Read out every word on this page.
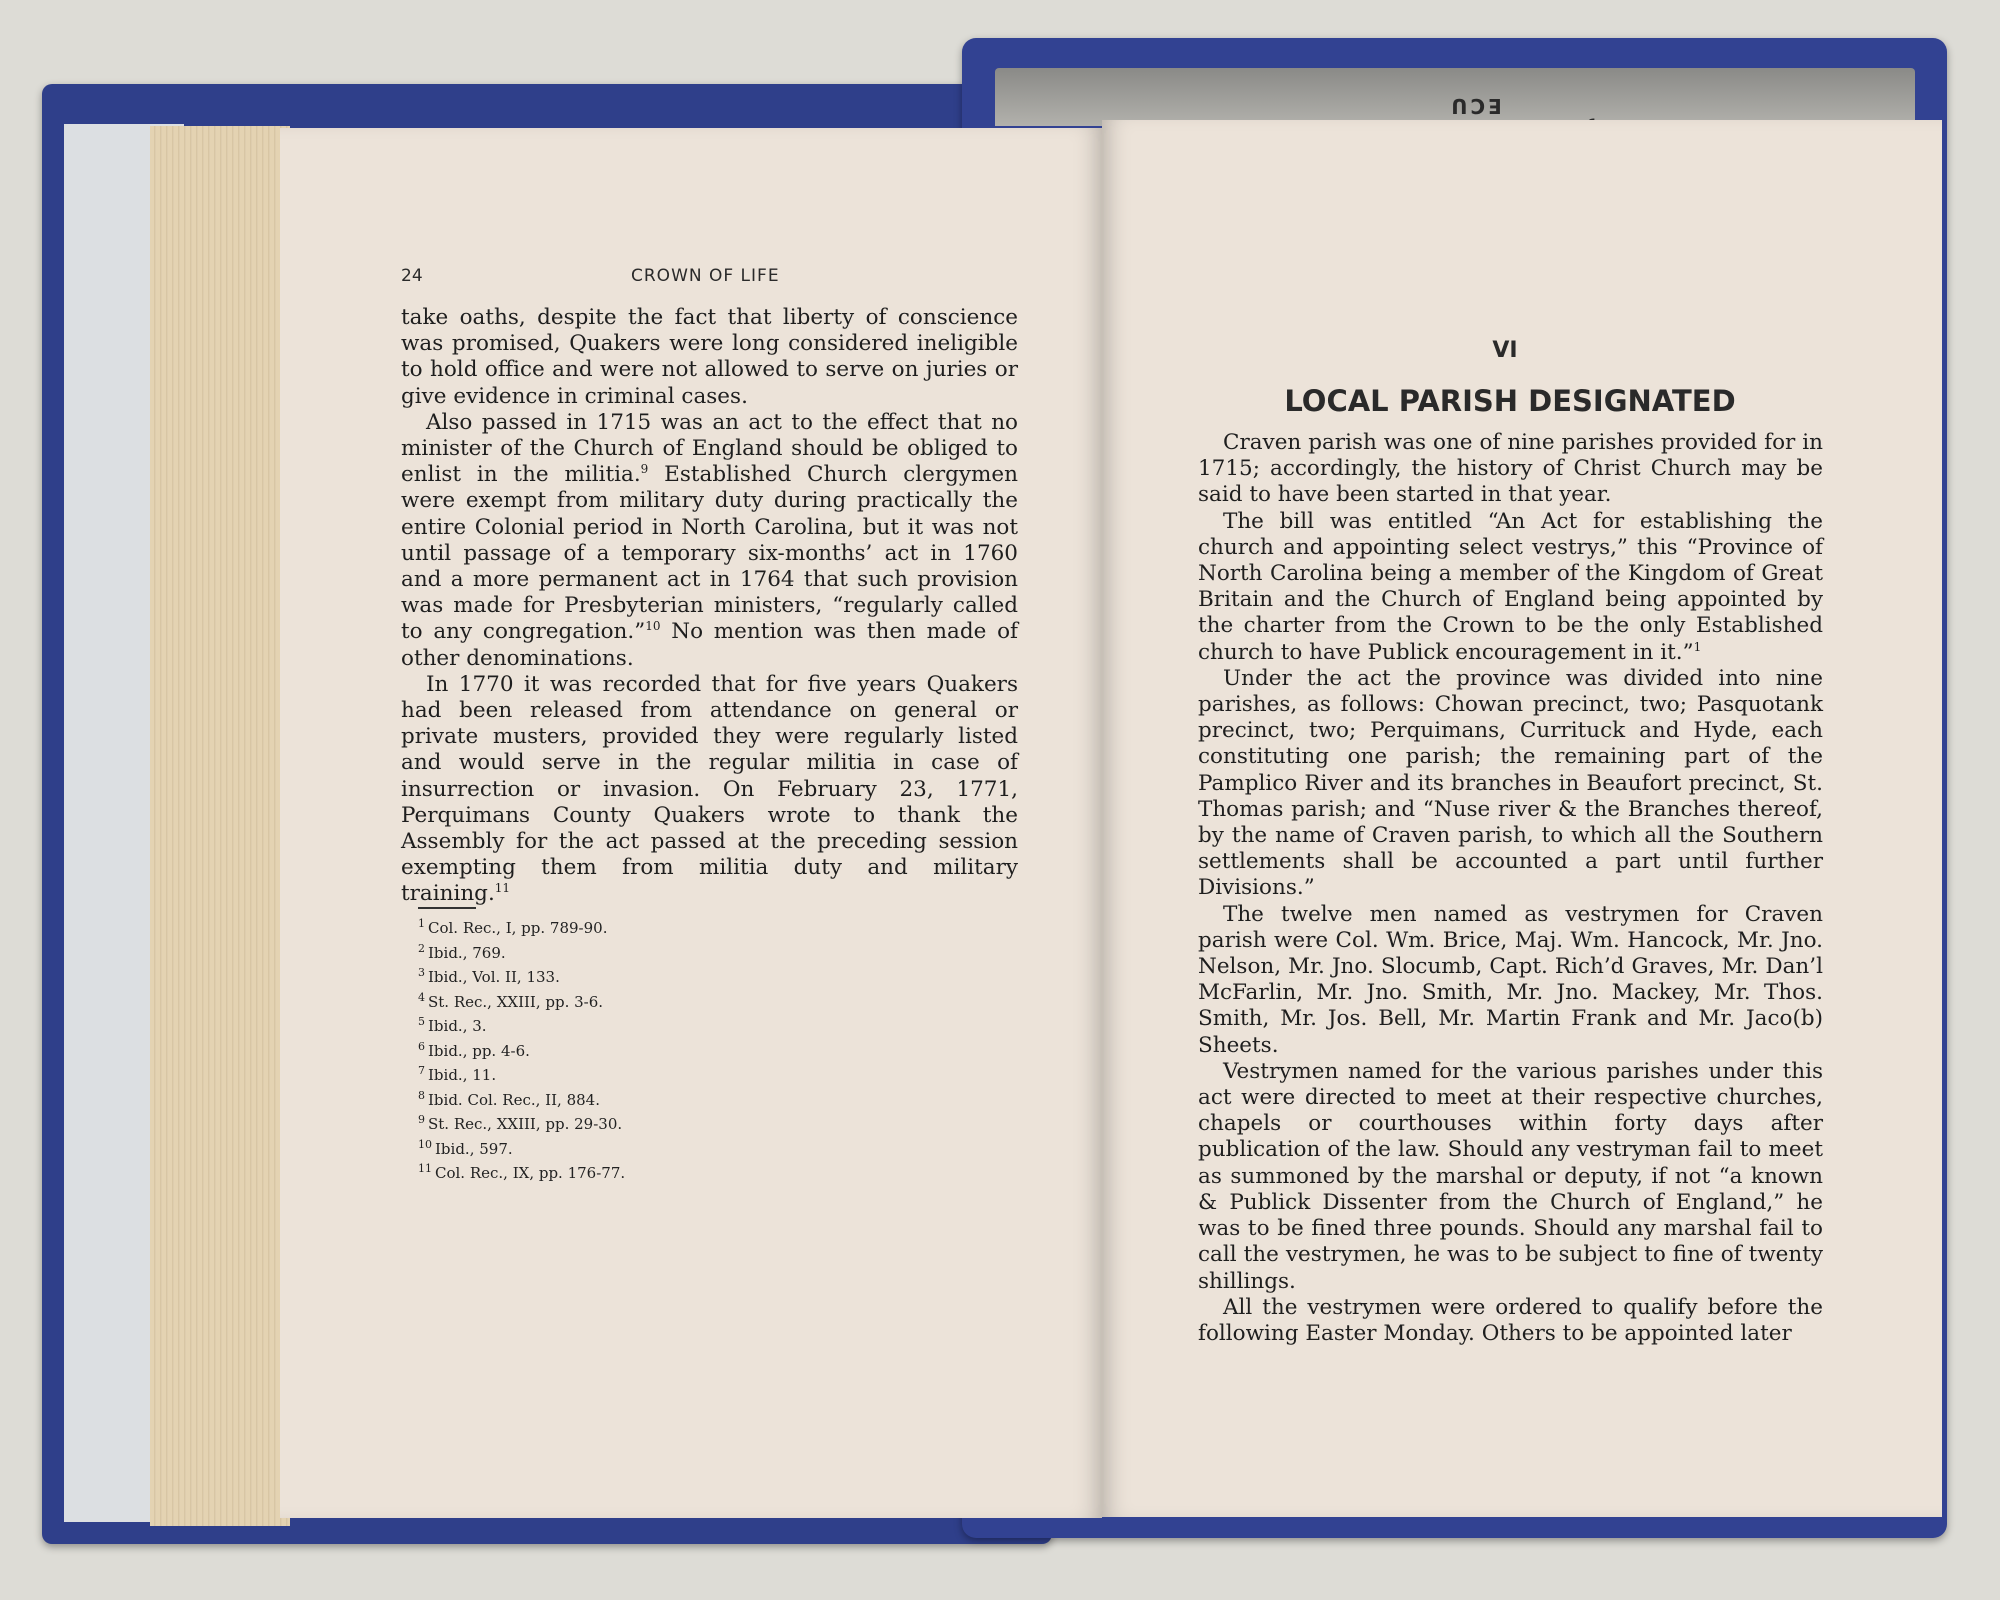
ECU
24	CROWN OF LIFE

take oaths, despite the fact that liberty of conscience was promised, Quakers were long considered ineligible to hold office and were not allowed to serve on juries or give evidence in criminal cases.

Also passed in 1715 was an act to the effect that no minister of the Church of England should be obliged to enlist in the militia.$^9$ Established Church clergymen were exempt from military duty during practically the entire Colonial period in North Carolina, but it was not until passage of a temporary six-months’ act in 1760 and a more permanent act in 1764 that such provision was made for Presbyterian ministers, “regularly called to any congregation.”$^{10}$ No mention was then made of other denominations.

In 1770 it was recorded that for five years Quakers had been released from attendance on general or private musters, provided they were regularly listed and would serve in the regular militia in case of insurrection or invasion. On February 23, 1771, Perquimans County Quakers wrote to thank the Assembly for the act passed at the preceding session exempting them from militia duty and military training.$^{11}$

$^1$ Col. Rec., I, pp. 789-90.
$^2$ Ibid., 769.
$^3$ Ibid., Vol. II, 133.
$^4$ St. Rec., XXIII, pp. 3-6.
$^5$ Ibid., 3.
$^6$ Ibid., pp. 4-6.
$^7$ Ibid., 11.
$^8$ Ibid. Col. Rec., II, 884.
$^9$ St. Rec., XXIII, pp. 29-30.
$^{10}$ Ibid., 597.
$^{11}$ Col. Rec., IX, pp. 176-77.
VI
LOCAL PARISH DESIGNATED

Craven parish was one of nine parishes provided for in 1715; accordingly, the history of Christ Church may be said to have been started in that year.

The bill was entitled “An Act for establishing the church and appointing select vestrys,” this “Province of North Carolina being a member of the Kingdom of Great Britain and the Church of England being appointed by the charter from the Crown to be the only Established church to have Publick encouragement in it.”$^1$

Under the act the province was divided into nine parishes, as follows: Chowan precinct, two; Pasquotank precinct, two; Perquimans, Currituck and Hyde, each constituting one parish; the remaining part of the Pamplico River and its branches in Beaufort precinct, St. Thomas parish; and “Nuse river & the Branches thereof, by the name of Craven parish, to which all the Southern settlements shall be accounted a part until further Divisions.”

The twelve men named as vestrymen for Craven parish were Col. Wm. Brice, Maj. Wm. Hancock, Mr. Jno. Nelson, Mr. Jno. Slocumb, Capt. Rich’d Graves, Mr. Dan’l McFarlin, Mr. Jno. Smith, Mr. Jno. Mackey, Mr. Thos. Smith, Mr. Jos. Bell, Mr. Martin Frank and Mr. Jaco(b) Sheets.

Vestrymen named for the various parishes under this act were directed to meet at their respective churches, chapels or courthouses within forty days after publication of the law. Should any vestryman fail to meet as summoned by the marshal or deputy, if not “a known & Publick Dissenter from the Church of England,” he was to be fined three pounds. Should any marshal fail to call the vestrymen, he was to be subject to fine of twenty shillings.

All the vestrymen were ordered to qualify before the following Easter Monday. Others to be appointed later
